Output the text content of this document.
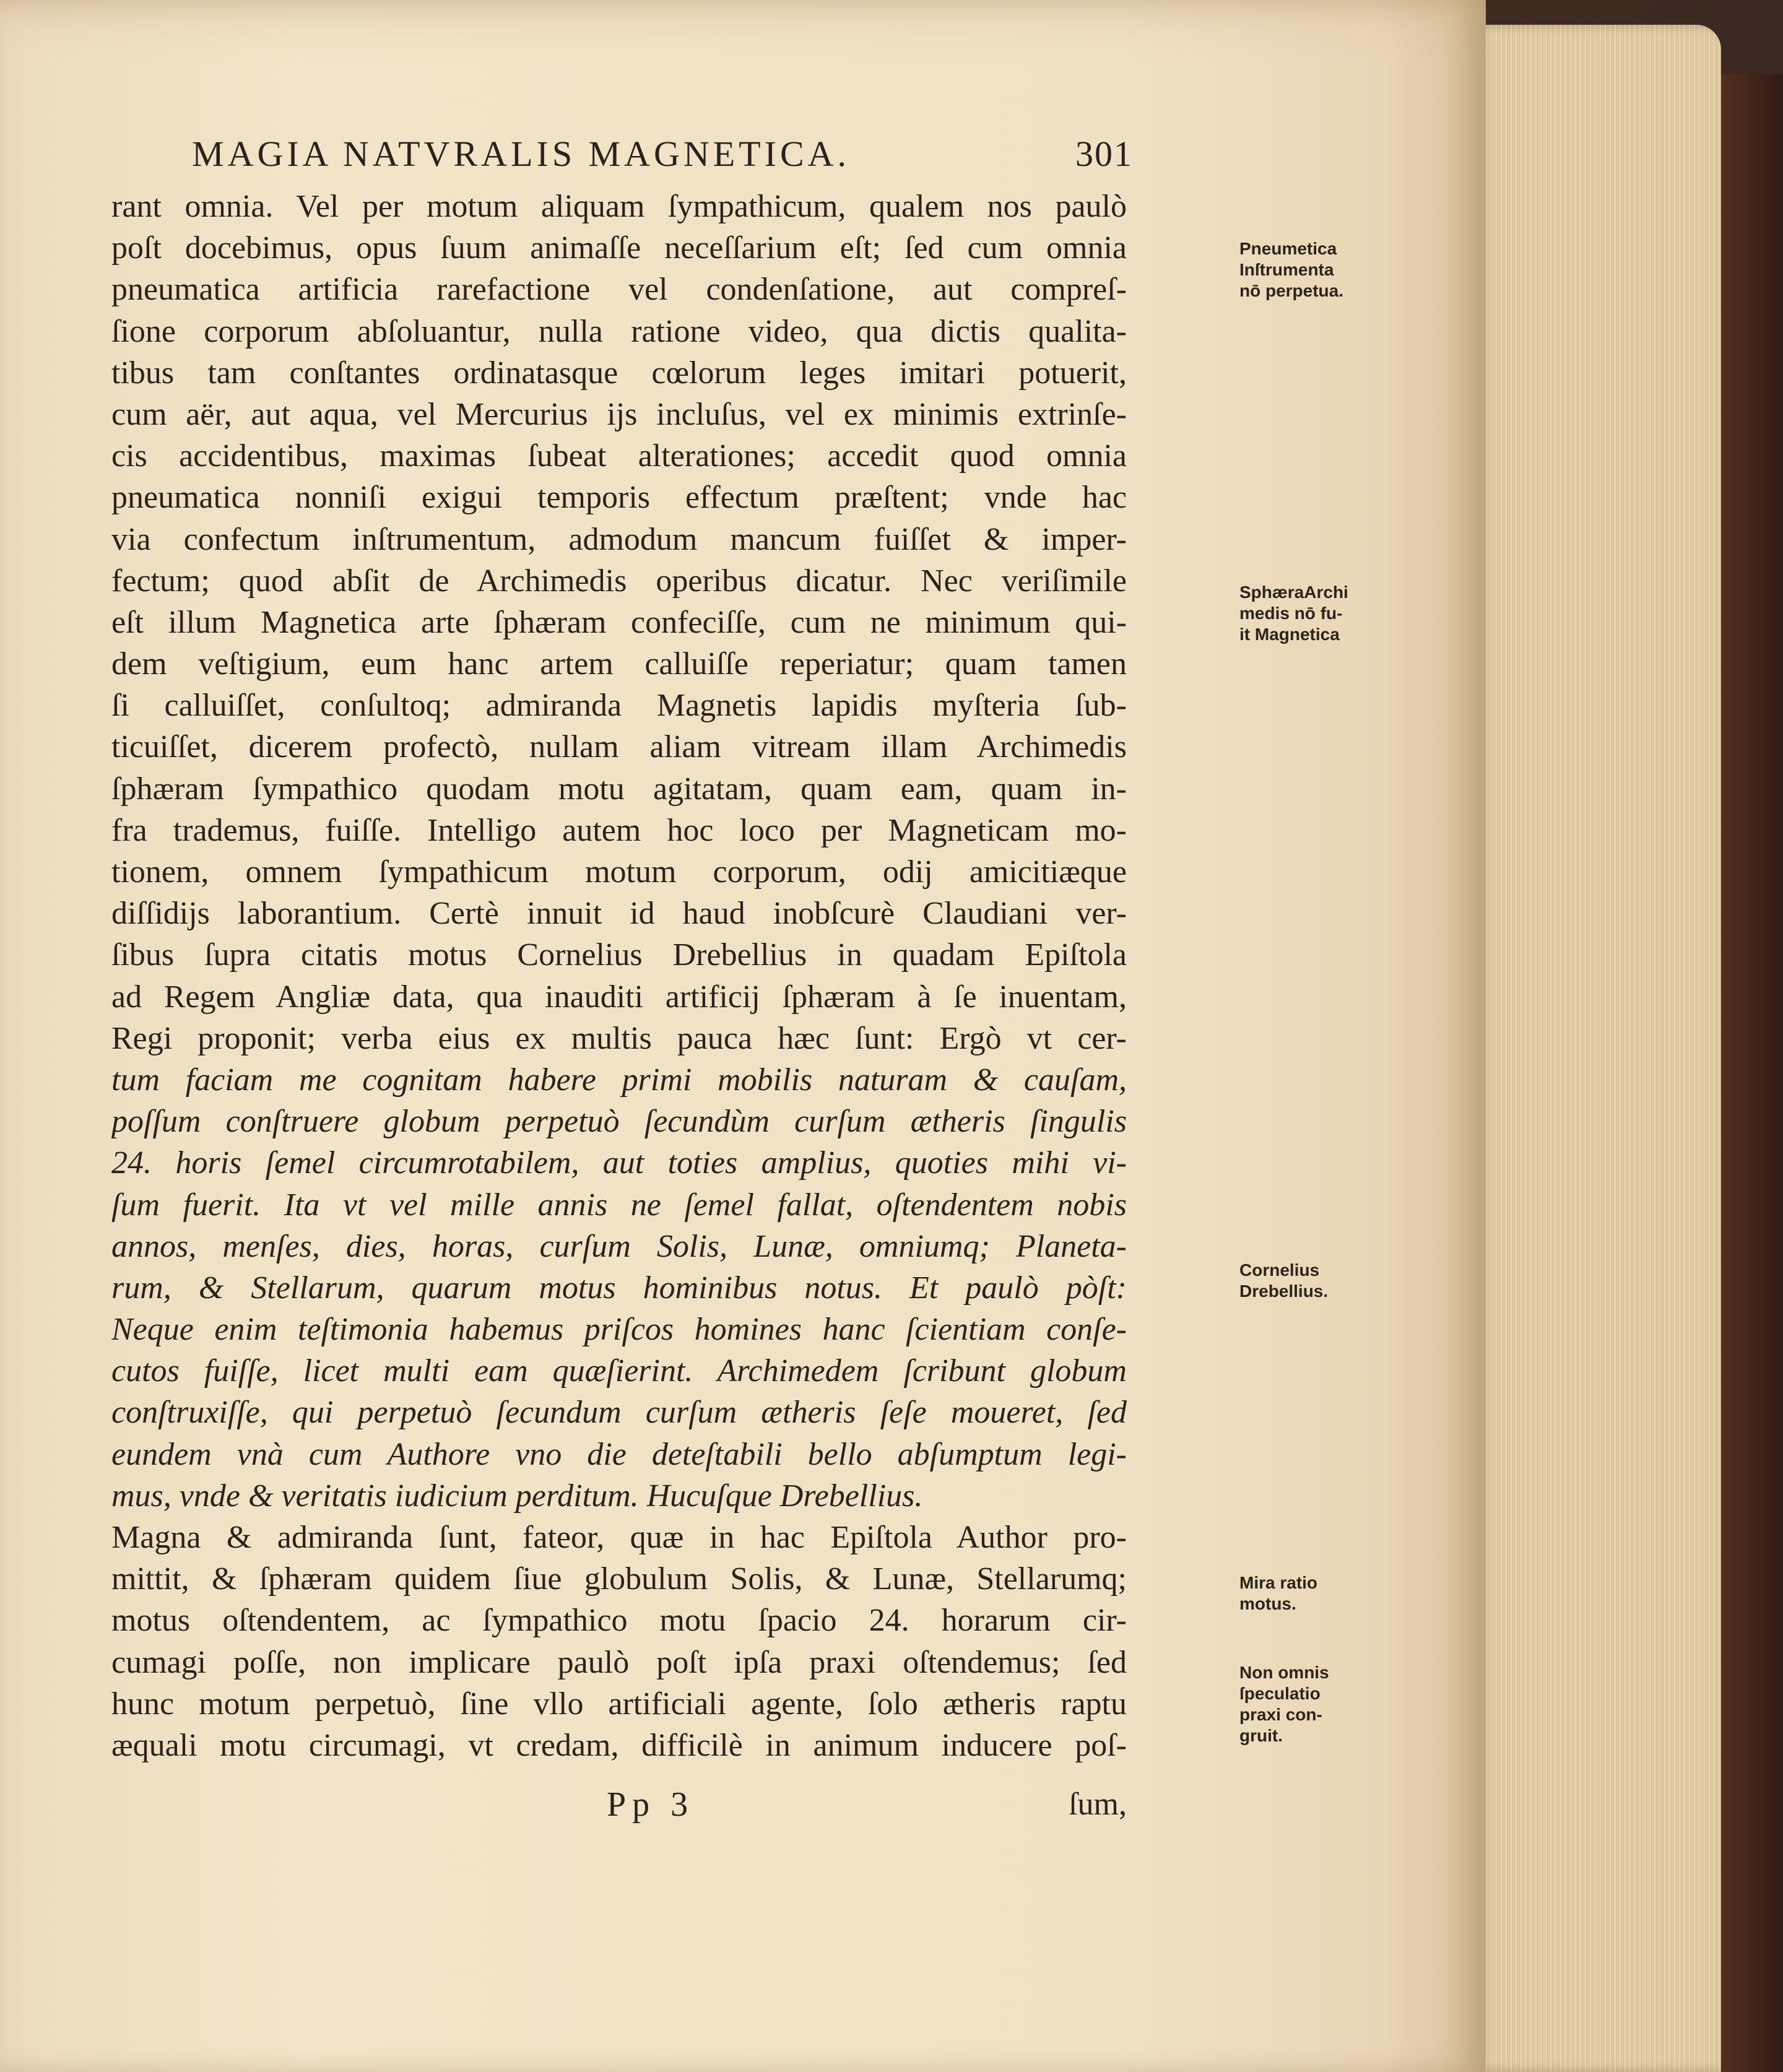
MAGIA NATVRALIS MAGNETICA.	301
rant omnia. Vel per motum aliquam ſympathicum, qualem nos paulò
poſt docebimus, opus ſuum animaſſe neceſſarium eſt; ſed cum omnia
pneumatica artificia rarefactione vel condenſatione, aut compreſ-
ſione corporum abſoluantur, nulla ratione video, qua dictis qualita-
tibus tam conſtantes ordinatasque cœlorum leges imitari potuerit,
cum aër, aut aqua, vel Mercurius ijs incluſus, vel ex minimis extrinſe-
cis accidentibus, maximas ſubeat alterationes; accedit quod omnia
pneumatica nonniſi exigui temporis effectum præſtent; vnde hac
via confectum inſtrumentum, admodum mancum fuiſſet & imper-
fectum; quod abſit de Archimedis operibus dicatur. Nec veriſimile
eſt illum Magnetica arte ſphæram confeciſſe, cum ne minimum qui-
dem veſtigium, eum hanc artem calluiſſe reperiatur; quam tamen
ſi calluiſſet, conſultoq; admiranda Magnetis lapidis myſteria ſub-
ticuiſſet, dicerem profectò, nullam aliam vitream illam Archimedis
ſphæram ſympathico quodam motu agitatam, quam eam, quam in-
fra trademus, fuiſſe. Intelligo autem hoc loco per Magneticam mo-
tionem, omnem ſympathicum motum corporum, odij amicitiæque
diſſidijs laborantium. Certè innuit id haud inobſcurè Claudiani ver-
ſibus ſupra citatis motus Cornelius Drebellius in quadam Epiſtola
ad Regem Angliæ data, qua inauditi artificij ſphæram à ſe inuentam,
Regi proponit; verba eius ex multis pauca hæc ſunt: Ergò vt cer-
tum faciam me cognitam habere primi mobilis naturam & cauſam,
poſſum conſtruere globum perpetuò ſecundùm curſum ætheris ſingulis
24. horis ſemel circumrotabilem, aut toties amplius, quoties mihi vi-
ſum fuerit. Ita vt vel mille annis ne ſemel fallat, oſtendentem nobis
annos, menſes, dies, horas, curſum Solis, Lunæ, omniumq; Planeta-
rum, & Stellarum, quarum motus hominibus notus. Et paulò pòſt:
Neque enim teſtimonia habemus priſcos homines hanc ſcientiam conſe-
cutos fuiſſe, licet multi eam quæſierint. Archimedem ſcribunt globum
conſtruxiſſe, qui perpetuò ſecundum curſum ætheris ſeſe moueret, ſed
eundem vnà cum Authore vno die deteſtabili bello abſumptum legi-
mus, vnde & veritatis iudicium perditum. Hucuſque Drebellius.
Magna & admiranda ſunt, fateor, quæ in hac Epiſtola Author pro-
mittit, & ſphæram quidem ſiue globulum Solis, & Lunæ, Stellarumq;
motus oſtendentem, ac ſympathico motu ſpacio 24. horarum cir-
cumagi poſſe, non implicare paulò poſt ipſa praxi oſtendemus; ſed
hunc motum perpetuò, ſine vllo artificiali agente, ſolo ætheris raptu
æquali motu circumagi, vt credam, difficilè in animum inducere poſ-
Pneumetica
Inſtrumenta
nō perpetua.
SphæraArchi
medis nō fu-
it Magnetica
Cornelius
Drebellius.
Mira ratio
motus.
Non omnis
ſpeculatio
praxi con-
gruit.
Pp 3	ſum,
